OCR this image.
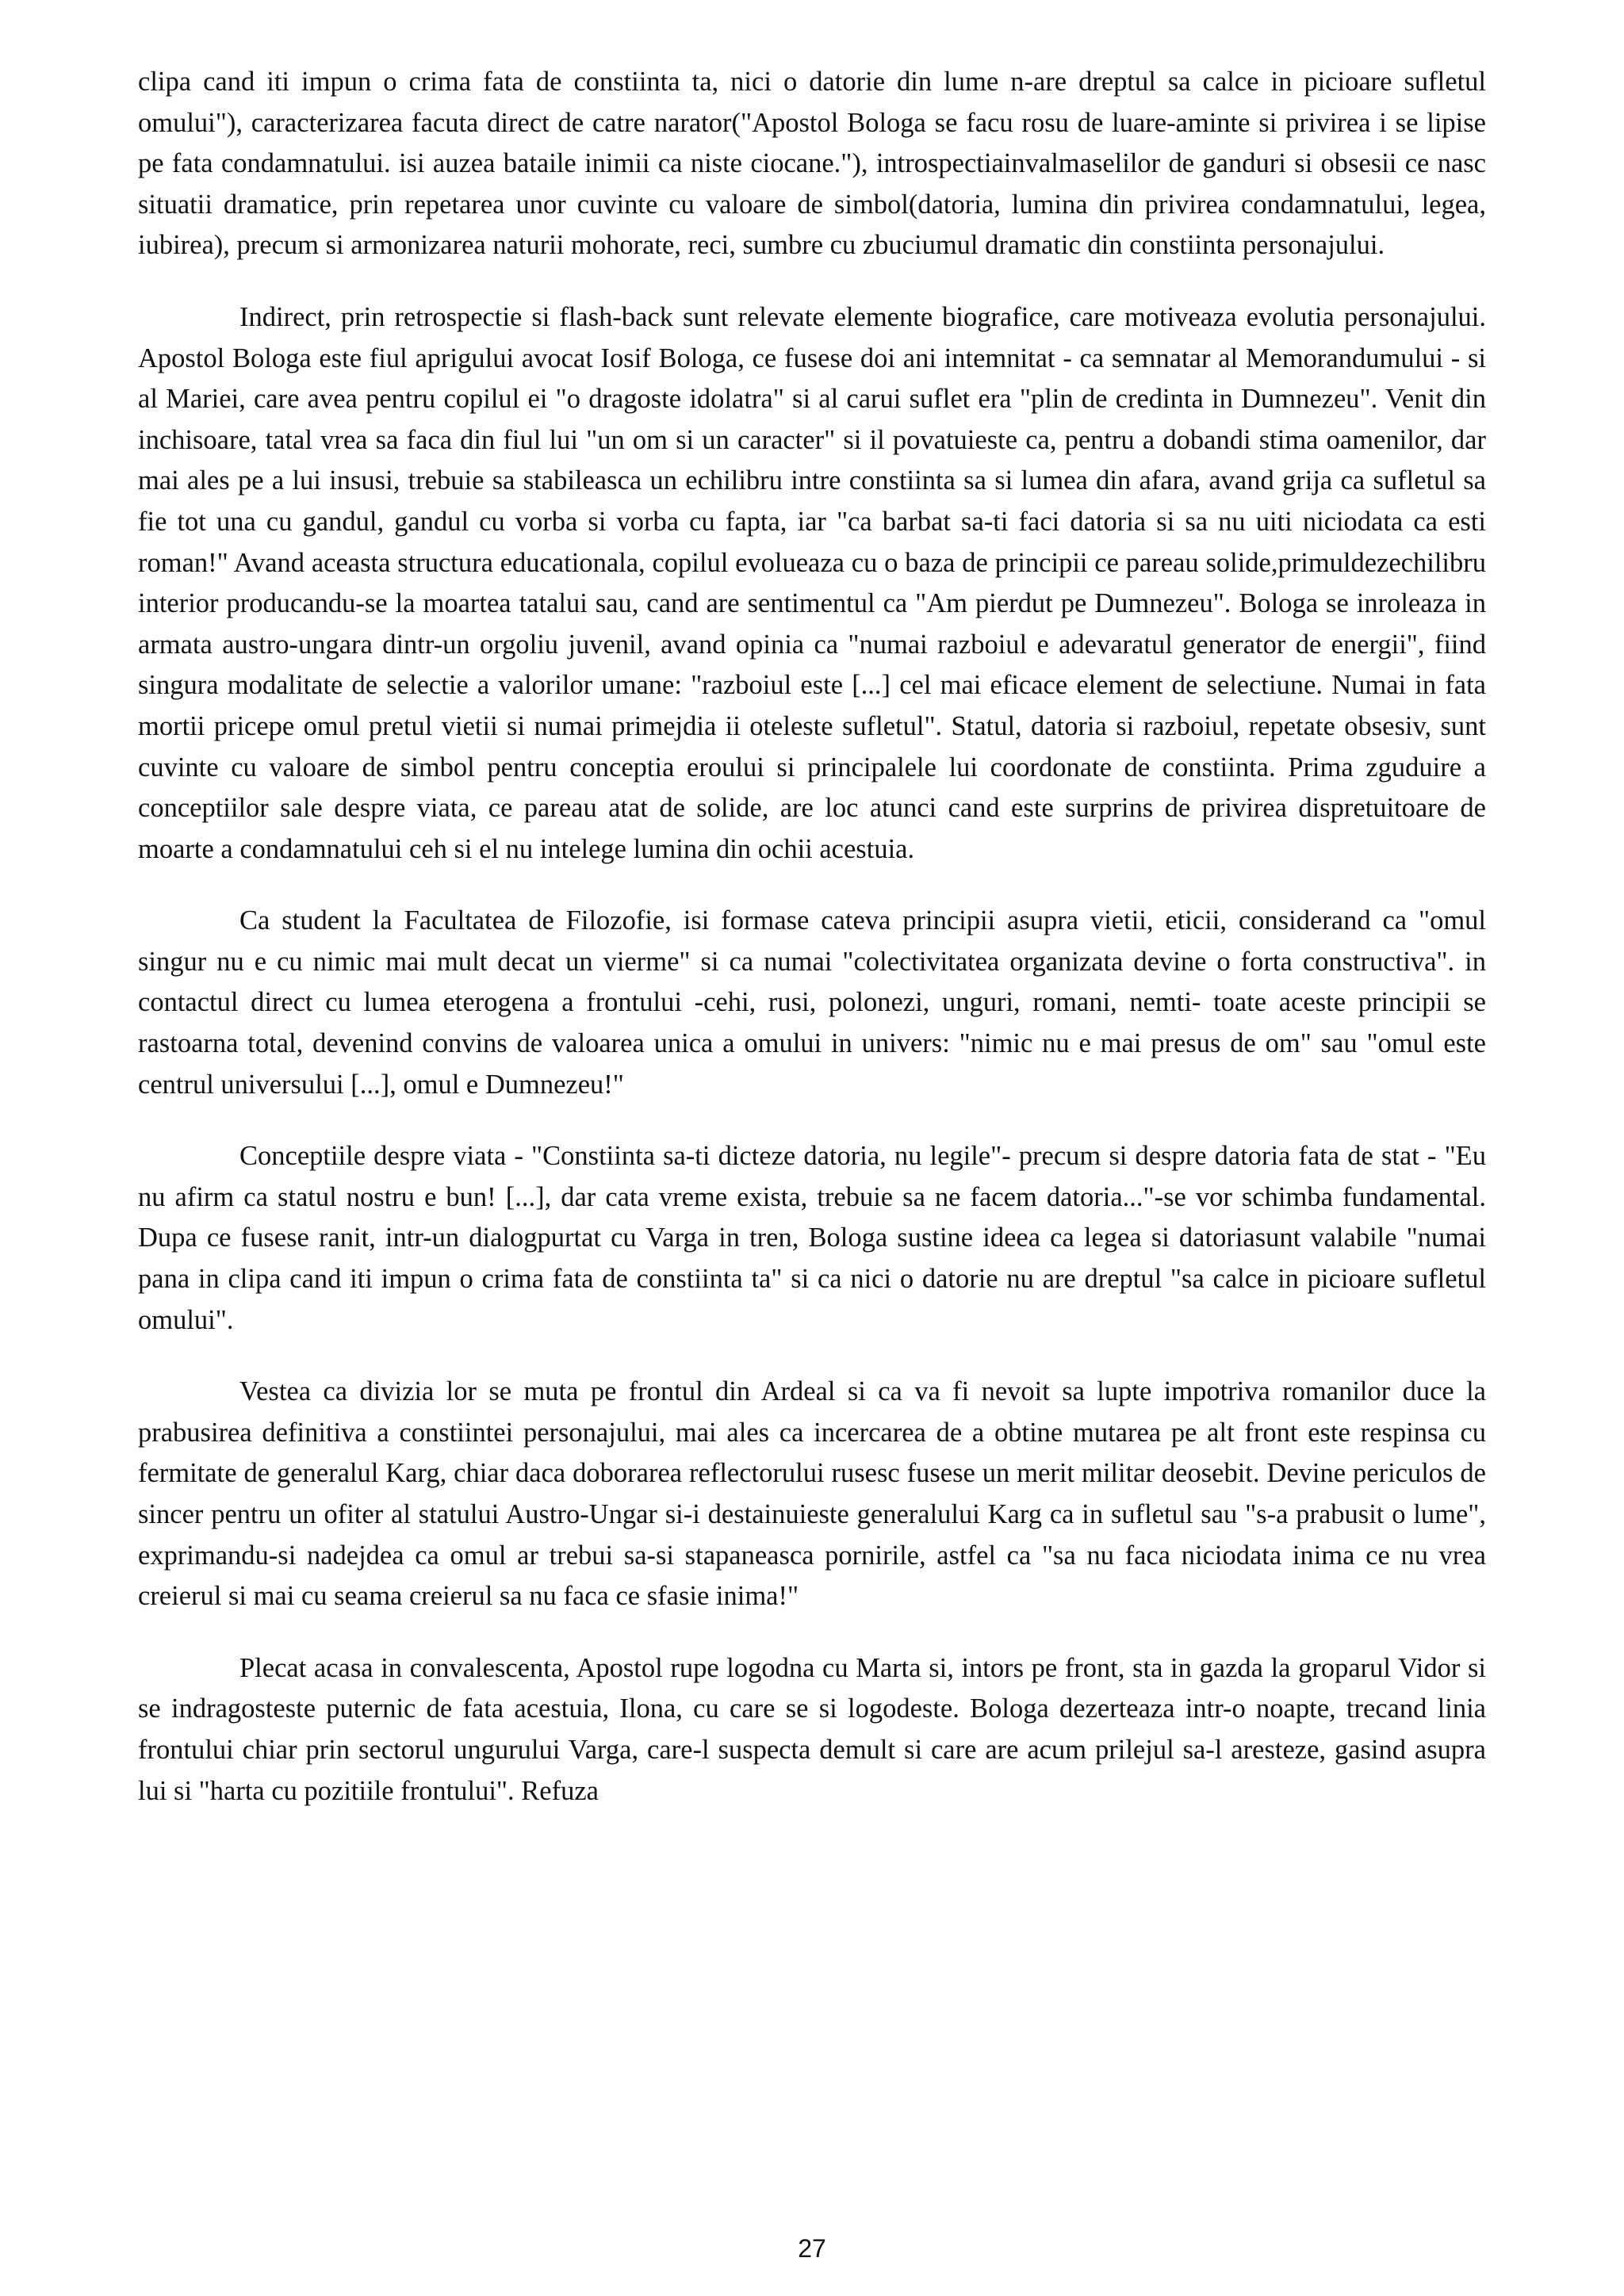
clipa cand iti impun o crima fata de constiinta ta, nici o datorie din lume n-are dreptul sa calce in picioare sufletul omului"), caracterizarea facuta direct de catre narator("Apostol Bologa se facu rosu de luare-aminte si privirea i se lipise pe fata condamnatului. isi auzea bataile inimii ca niste ciocane."), introspectiainvalmaselilor de ganduri si obsesii ce nasc situatii dramatice, prin repetarea unor cuvinte cu valoare de simbol(datoria, lumina din privirea condamnatului, legea, iubirea), precum si armonizarea naturii mohorate, reci, sumbre cu zbuciumul dramatic din constiinta personajului.

Indirect, prin retrospectie si flash-back sunt relevate elemente biografice, care motiveaza evolutia personajului. Apostol Bologa este fiul aprigului avocat Iosif Bologa, ce fusese doi ani intemnitat - ca semnatar al Memorandumului - si al Mariei, care avea pentru copilul ei "o dragoste idolatra" si al carui suflet era "plin de credinta in Dumnezeu". Venit din inchisoare, tatal vrea sa faca din fiul lui "un om si un caracter" si il povatuieste ca, pentru a dobandi stima oamenilor, dar mai ales pe a lui insusi, trebuie sa stabileasca un echilibru intre constiinta sa si lumea din afara, avand grija ca sufletul sa fie tot una cu gandul, gandul cu vorba si vorba cu fapta, iar "ca barbat sa-ti faci datoria si sa nu uiti niciodata ca esti roman!" Avand aceasta structura educationala, copilul evolueaza cu o baza de principii ce pareau solide,primuldezechilibru interior producandu-se la moartea tatalui sau, cand are sentimentul ca "Am pierdut pe Dumnezeu". Bologa se inroleaza in armata austro-ungara dintr-un orgoliu juvenil, avand opinia ca "numai razboiul e adevaratul generator de energii", fiind singura modalitate de selectie a valorilor umane: "razboiul este [...] cel mai eficace element de selectiune. Numai in fata mortii pricepe omul pretul vietii si numai primejdia ii oteleste sufletul". Statul, datoria si razboiul, repetate obsesiv, sunt cuvinte cu valoare de simbol pentru conceptia eroului si principalele lui coordonate de constiinta. Prima zguduire a conceptiilor sale despre viata, ce pareau atat de solide, are loc atunci cand este surprins de privirea dispretuitoare de moarte a condamnatului ceh si el nu intelege lumina din ochii acestuia.

Ca student la Facultatea de Filozofie, isi formase cateva principii asupra vietii, eticii, considerand ca "omul singur nu e cu nimic mai mult decat un vierme" si ca numai "colectivitatea organizata devine o forta constructiva". in contactul direct cu lumea eterogena a frontului -cehi, rusi, polonezi, unguri, romani, nemti- toate aceste principii se rastoarna total, devenind convins de valoarea unica a omului in univers: "nimic nu e mai presus de om" sau "omul este centrul universului [...], omul e Dumnezeu!"

Conceptiile despre viata - "Constiinta sa-ti dicteze datoria, nu legile"- precum si despre datoria fata de stat - "Eu nu afirm ca statul nostru e bun! [...], dar cata vreme exista, trebuie sa ne facem datoria..."-se vor schimba fundamental. Dupa ce fusese ranit, intr-un dialogpurtat cu Varga in tren, Bologa sustine ideea ca legea si datoriasunt valabile "numai pana in clipa cand iti impun o crima fata de constiinta ta" si ca nici o datorie nu are dreptul "sa calce in picioare sufletul omului".

Vestea ca divizia lor se muta pe frontul din Ardeal si ca va fi nevoit sa lupte impotriva romanilor duce la prabusirea definitiva a constiintei personajului, mai ales ca incercarea de a obtine mutarea pe alt front este respinsa cu fermitate de generalul Karg, chiar daca doborarea reflectorului rusesc fusese un merit militar deosebit. Devine periculos de sincer pentru un ofiter al statului Austro-Ungar si-i destainuieste generalului Karg ca in sufletul sau "s-a prabusit o lume", exprimandu-si nadejdea ca omul ar trebui sa-si stapaneasca pornirile, astfel ca "sa nu faca niciodata inima ce nu vrea creierul si mai cu seama creierul sa nu faca ce sfasie inima!"

Plecat acasa in convalescenta, Apostol rupe logodna cu Marta si, intors pe front, sta in gazda la groparul Vidor si se indragosteste puternic de fata acestuia, Ilona, cu care se si logodeste. Bologa dezerteaza intr-o noapte, trecand linia frontului chiar prin sectorul ungurului Varga, care-l suspecta demult si care are acum prilejul sa-l aresteze, gasind asupra lui si "harta cu pozitiile frontului". Refuza

27
